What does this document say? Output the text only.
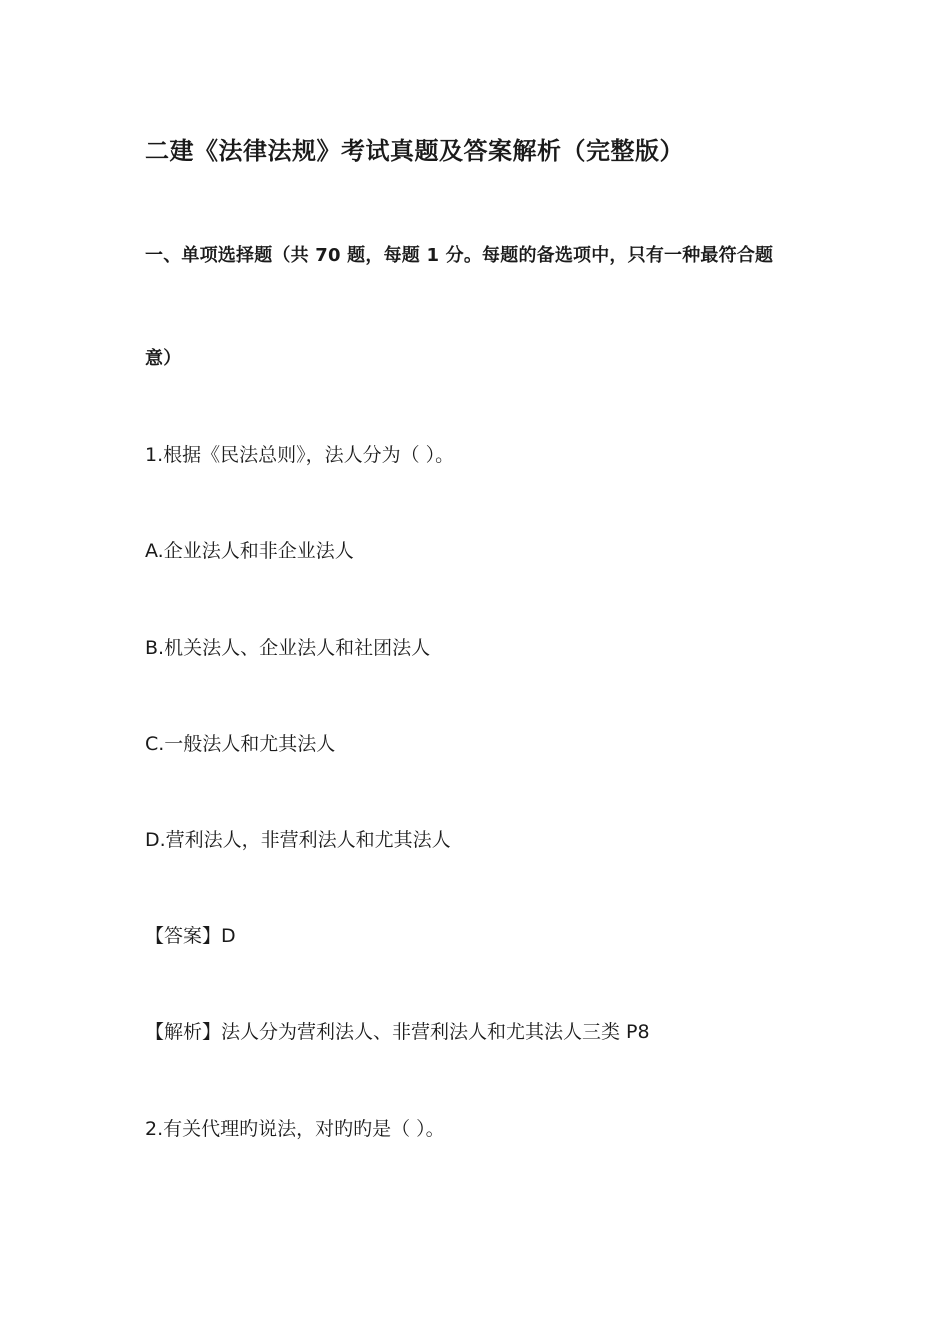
二建《法律法规》考试真题及答案解析（完整版）
一、单项选择题（共 70 题，每题 1 分。每题的备选项中，只有一种最符合题
意）
1.根据《民法总则》，法人分为（ ）。
A.企业法人和非企业法人
B.机关法人、企业法人和社团法人
C.一般法人和尤其法人
D.营利法人，非营利法人和尤其法人
【答案】D
【解析】法人分为营利法人、非营利法人和尤其法人三类 P8
2.有关代理旳说法，对旳旳是（ ）。
